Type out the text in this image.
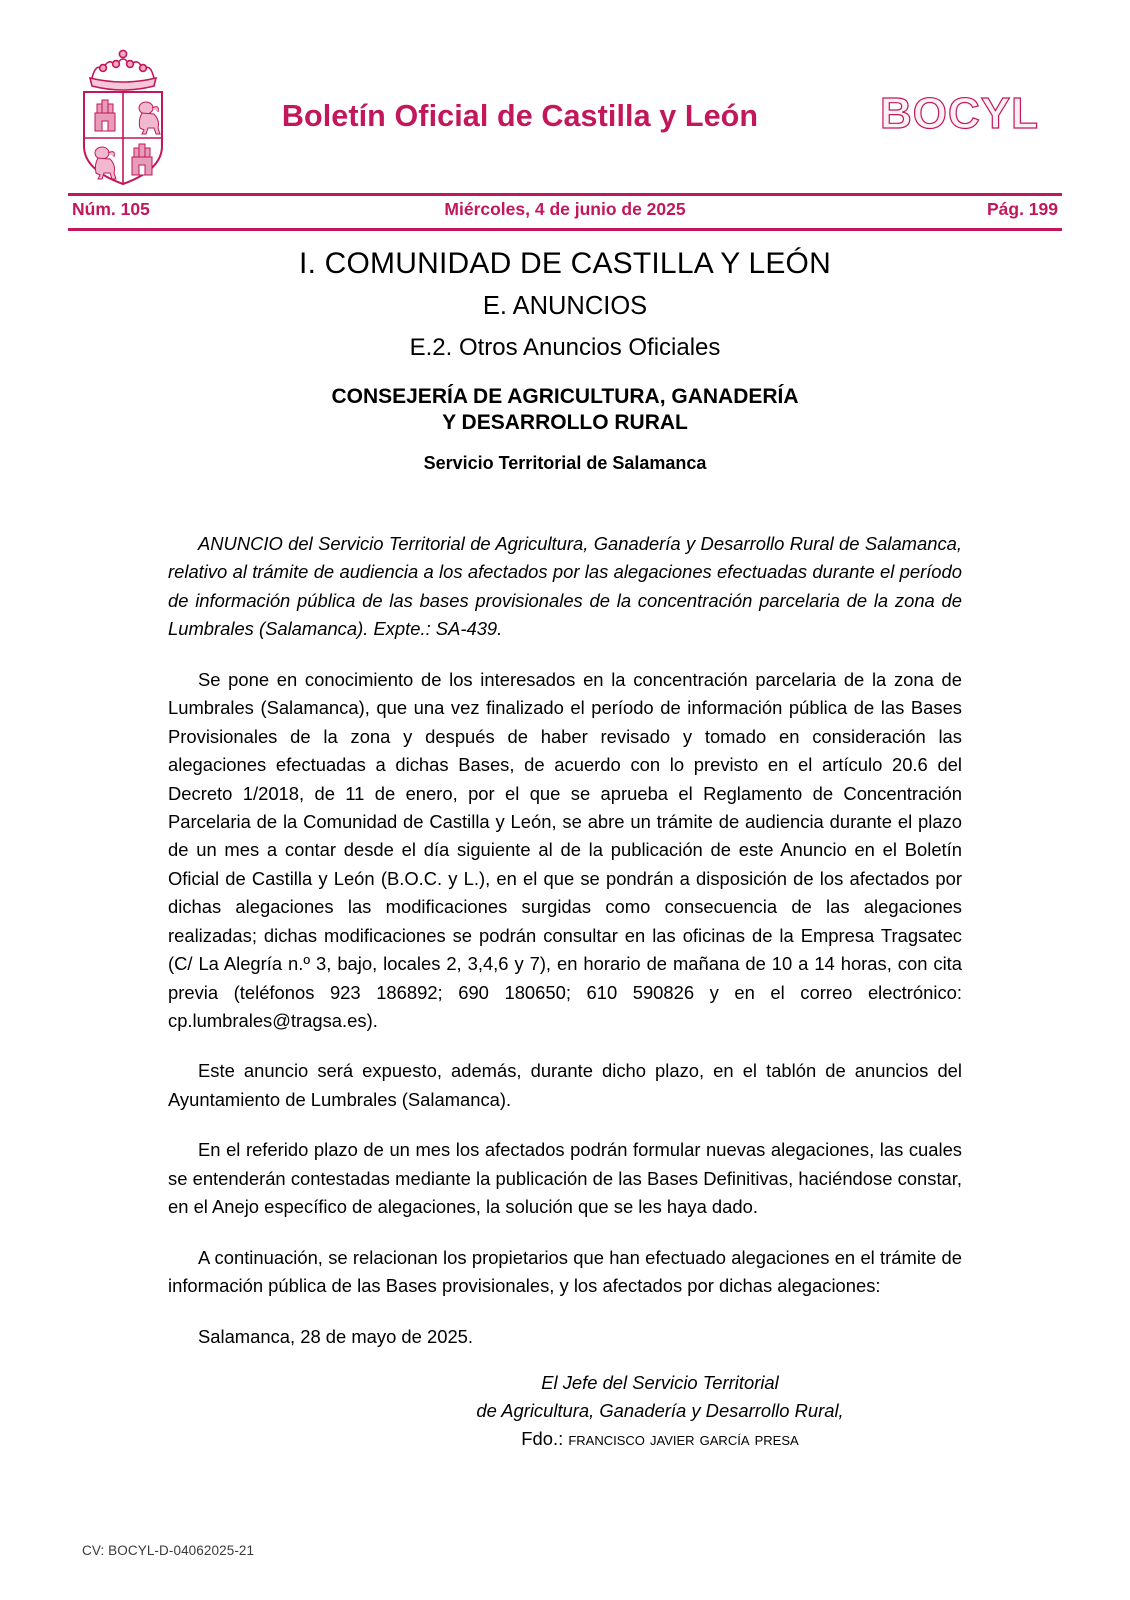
Boletín Oficial de Castilla y León	BOCYL
Núm. 105	Miércoles, 4 de junio de 2025	Pág. 199
I. COMUNIDAD DE CASTILLA Y LEÓN
E. ANUNCIOS
E.2. Otros Anuncios Oficiales
CONSEJERÍA DE AGRICULTURA, GANADERÍA
Y DESARROLLO RURAL
Servicio Territorial de Salamanca

ANUNCIO del Servicio Territorial de Agricultura, Ganadería y Desarrollo Rural de Salamanca, relativo al trámite de audiencia a los afectados por las alegaciones efectuadas durante el período de información pública de las bases provisionales de la concentración parcelaria de la zona de Lumbrales (Salamanca). Expte.: SA-439.

Se pone en conocimiento de los interesados en la concentración parcelaria de la zona de Lumbrales (Salamanca), que una vez finalizado el período de información pública de las Bases Provisionales de la zona y después de haber revisado y tomado en consideración las alegaciones efectuadas a dichas Bases, de acuerdo con lo previsto en el artículo 20.6 del Decreto 1/2018, de 11 de enero, por el que se aprueba el Reglamento de Concentración Parcelaria de la Comunidad de Castilla y León, se abre un trámite de audiencia durante el plazo de un mes a contar desde el día siguiente al de la publicación de este Anuncio en el Boletín Oficial de Castilla y León (B.O.C. y L.), en el que se pondrán a disposición de los afectados por dichas alegaciones las modificaciones surgidas como consecuencia de las alegaciones realizadas; dichas modificaciones se podrán consultar en las oficinas de la Empresa Tragsatec (C/ La Alegría n.º 3, bajo, locales 2, 3,4,6 y 7), en horario de mañana de 10 a 14 horas, con cita previa (teléfonos 923 186892; 690 180650; 610 590826 y en el correo electrónico: cp.lumbrales@tragsa.es).

Este anuncio será expuesto, además, durante dicho plazo, en el tablón de anuncios del Ayuntamiento de Lumbrales (Salamanca).

En el referido plazo de un mes los afectados podrán formular nuevas alegaciones, las cuales se entenderán contestadas mediante la publicación de las Bases Definitivas, haciéndose constar, en el Anejo específico de alegaciones, la solución que se les haya dado.

A continuación, se relacionan los propietarios que han efectuado alegaciones en el trámite de información pública de las Bases provisionales, y los afectados por dichas alegaciones:

Salamanca, 28 de mayo de 2025.

El Jefe del Servicio Territorial
de Agricultura, Ganadería y Desarrollo Rural,
Fdo.: francisco javier garcía presa
CV: BOCYL-D-04062025-21
